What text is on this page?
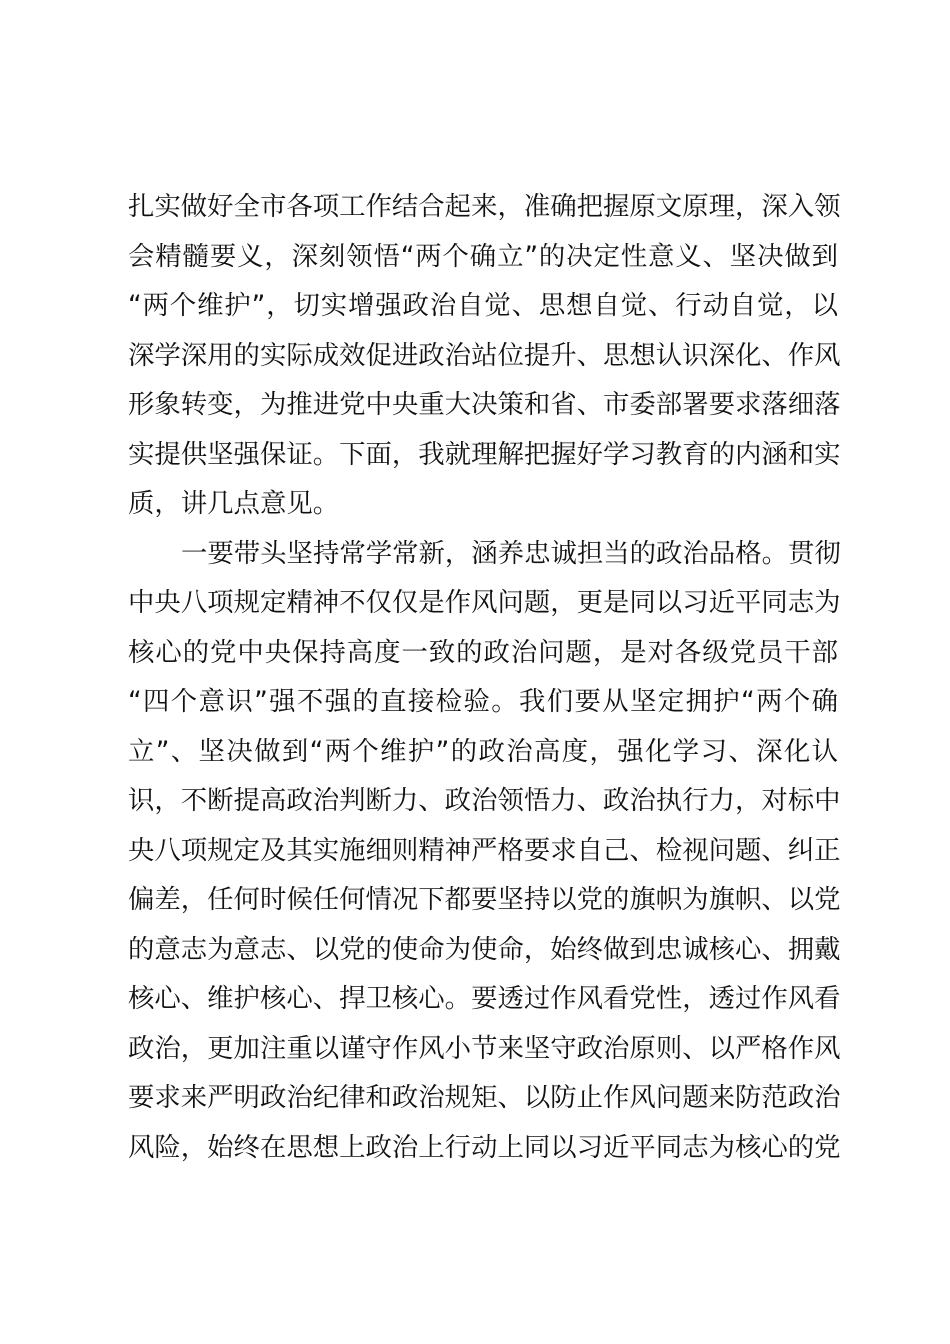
扎实做好全市各项工作结合起来，准确把握原文原理，深入领
会精髓要义，深刻领悟“两个确立”的决定性意义、坚决做到
“两个维护”，切实增强政治自觉、思想自觉、行动自觉，以
深学深用的实际成效促进政治站位提升、思想认识深化、作风
形象转变，为推进党中央重大决策和省、市委部署要求落细落
实提供坚强保证。下面，我就理解把握好学习教育的内涵和实
质，讲几点意见。
一要带头坚持常学常新，涵养忠诚担当的政治品格。贯彻
中央八项规定精神不仅仅是作风问题，更是同以习近平同志为
核心的党中央保持高度一致的政治问题，是对各级党员干部
“四个意识”强不强的直接检验。我们要从坚定拥护“两个确
立”、坚决做到“两个维护”的政治高度，强化学习、深化认
识，不断提高政治判断力、政治领悟力、政治执行力，对标中
央八项规定及其实施细则精神严格要求自己、检视问题、纠正
偏差，任何时候任何情况下都要坚持以党的旗帜为旗帜、以党
的意志为意志、以党的使命为使命，始终做到忠诚核心、拥戴
核心、维护核心、捍卫核心。要透过作风看党性，透过作风看
政治，更加注重以谨守作风小节来坚守政治原则、以严格作风
要求来严明政治纪律和政治规矩、以防止作风问题来防范政治
风险，始终在思想上政治上行动上同以习近平同志为核心的党
